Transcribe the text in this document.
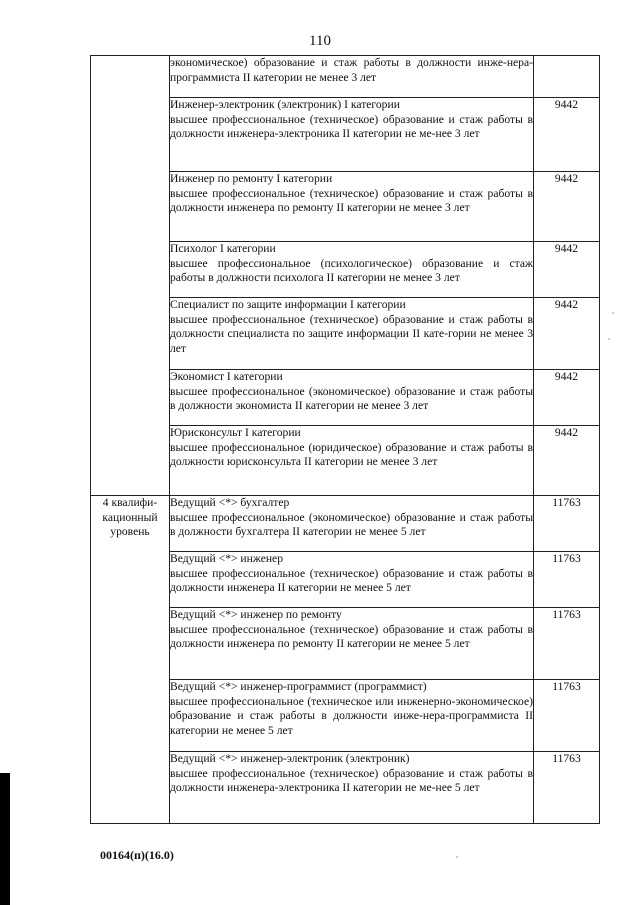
110

	экономическое) образование и стаж работы в должности инже-нера-программиста II категории не менее 3 лет	

	Инженер-электроник (электроник) I категории
высшее профессиональное (техническое) образование и стаж работы в должности инженера-электроника II категории не ме-нее 3 лет	9442

	Инженер по ремонту I категории
высшее профессиональное (техническое) образование и стаж работы в должности инженера по ремонту II категории не менее 3 лет	9442

	Психолог I категории
высшее профессиональное (психологическое) образование и стаж работы в должности психолога II категории не менее 3 лет	9442

	Специалист по защите информации I категории
высшее профессиональное (техническое) образование и стаж работы в должности специалиста по защите информации II кате-гории не менее 3 лет	9442

	Экономист I категории
высшее профессиональное (экономическое) образование и стаж работы в должности экономиста II категории не менее 3 лет	9442

	Юрисконсульт I категории
высшее профессиональное (юридическое) образование и стаж работы в должности юрисконсульта II категории не менее 3 лет	9442

4 квалифи-кационный уровень	Ведущий <*> бухгалтер
высшее профессиональное (экономическое) образование и стаж работы в должности бухгалтера II категории не менее 5 лет	11763

	Ведущий <*> инженер
высшее профессиональное (техническое) образование и стаж работы в должности инженера II категории не менее 5 лет	11763

	Ведущий <*> инженер по ремонту
высшее профессиональное (техническое) образование и стаж работы в должности инженера по ремонту II категории не менее 5 лет	11763

	Ведущий <*> инженер-программист (программист)
высшее профессиональное (техническое или инженерно-экономическое) образование и стаж работы в должности инже-нера-программиста II категории не менее 5 лет	11763

	Ведущий <*> инженер-электроник (электроник)
высшее профессиональное (техническое) образование и стаж работы в должности инженера-электроника II категории не ме-нее 5 лет	11763
00164(п)(16.0)
